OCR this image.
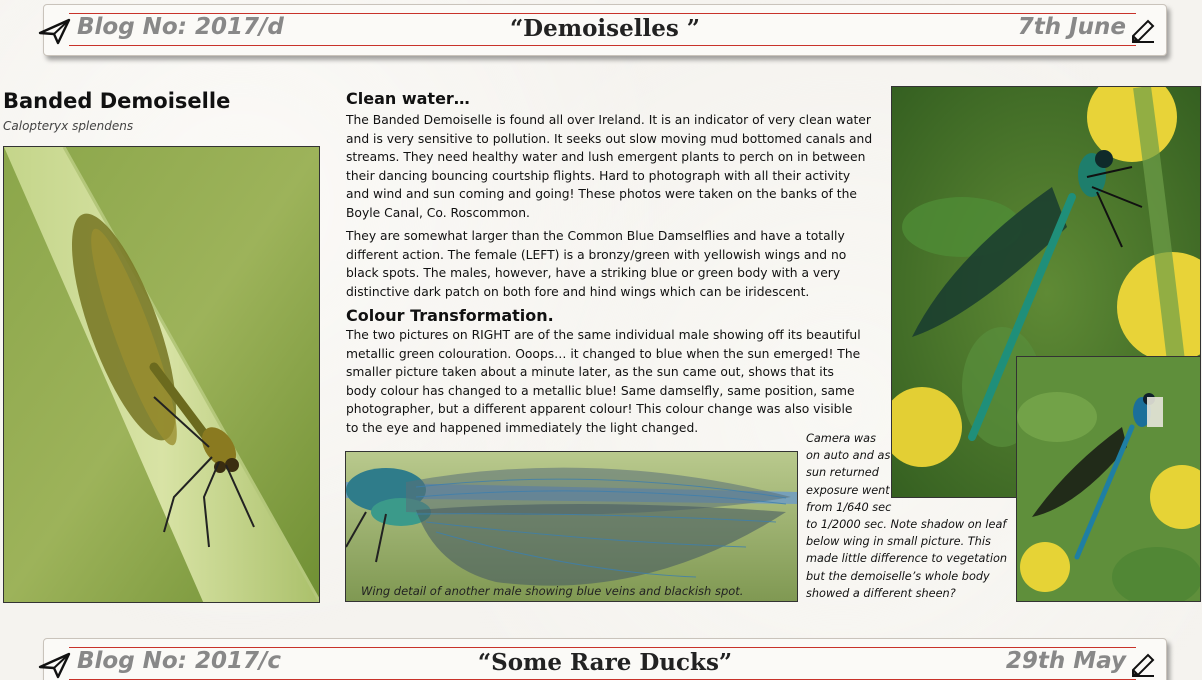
Blog No: 2017/d	“Demoiselles ”	7th June
Banded Demoiselle
Calopteryx splendens
Clean water…
The Banded Demoiselle is found all over Ireland. It is an indicator of very clean water and is very sensitive to pollution. It seeks out slow moving mud bottomed canals and streams. They need healthy water and lush emergent plants to perch on in between their dancing bouncing courtship flights. Hard to photograph with all their activity and wind and sun coming and going! These photos were taken on the banks of the Boyle Canal, Co. Roscommon.
They are somewhat larger than the Common Blue Damselflies and have a totally different action. The female (LEFT) is a bronzy/green with yellowish wings and no black spots. The males, however, have a striking blue or green body with a very distinctive dark patch on both fore and hind wings which can be iridescent.
Colour Transformation.
The two pictures on RIGHT are of the same individual male showing off its beautiful metallic green colouration. Ooops… it changed to blue when the sun emerged! The smaller picture taken about a minute later, as the sun came out, shows that its body colour has changed to a metallic blue! Same damselfly, same position, same photographer, but a different apparent colour! This colour change was also visible to the eye and happened immediately the light changed.
Wing detail of another male showing blue veins and blackish spot.
Camera was
on auto and as
sun returned
exposure went
from 1/640 sec
to 1/2000 sec. Note shadow on leaf below wing in small picture. This made little difference to vegetation but the demoiselle’s whole body showed a different sheen?
Blog No: 2017/c	“Some Rare Ducks”	29th May
